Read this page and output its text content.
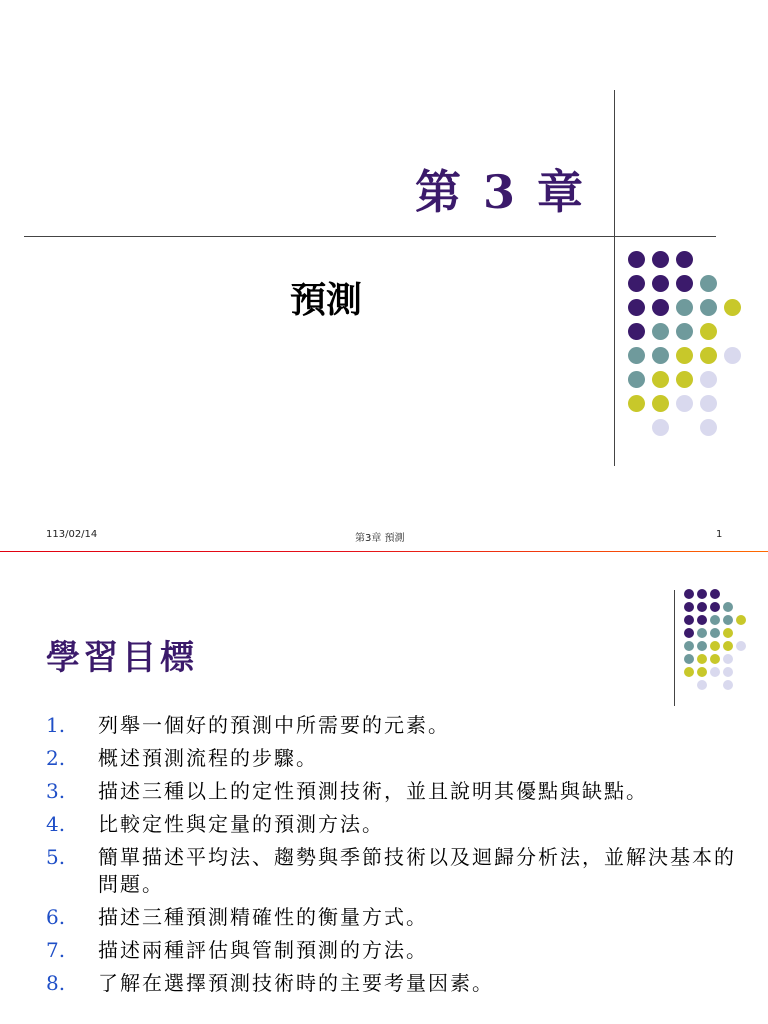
第 3 章
預測
113/02/14	第3章 預測	1
學習目標
1.	列舉一個好的預測中所需要的元素。
2.	概述預測流程的步驟。
3.	描述三種以上的定性預測技術，並且說明其優點與缺點。
4.	比較定性與定量的預測方法。
5.	簡單描述平均法、趨勢與季節技術以及迴歸分析法，並解決基本的問題。
6.	描述三種預測精確性的衡量方式。
7.	描述兩種評估與管制預測的方法。
8.	了解在選擇預測技術時的主要考量因素。
